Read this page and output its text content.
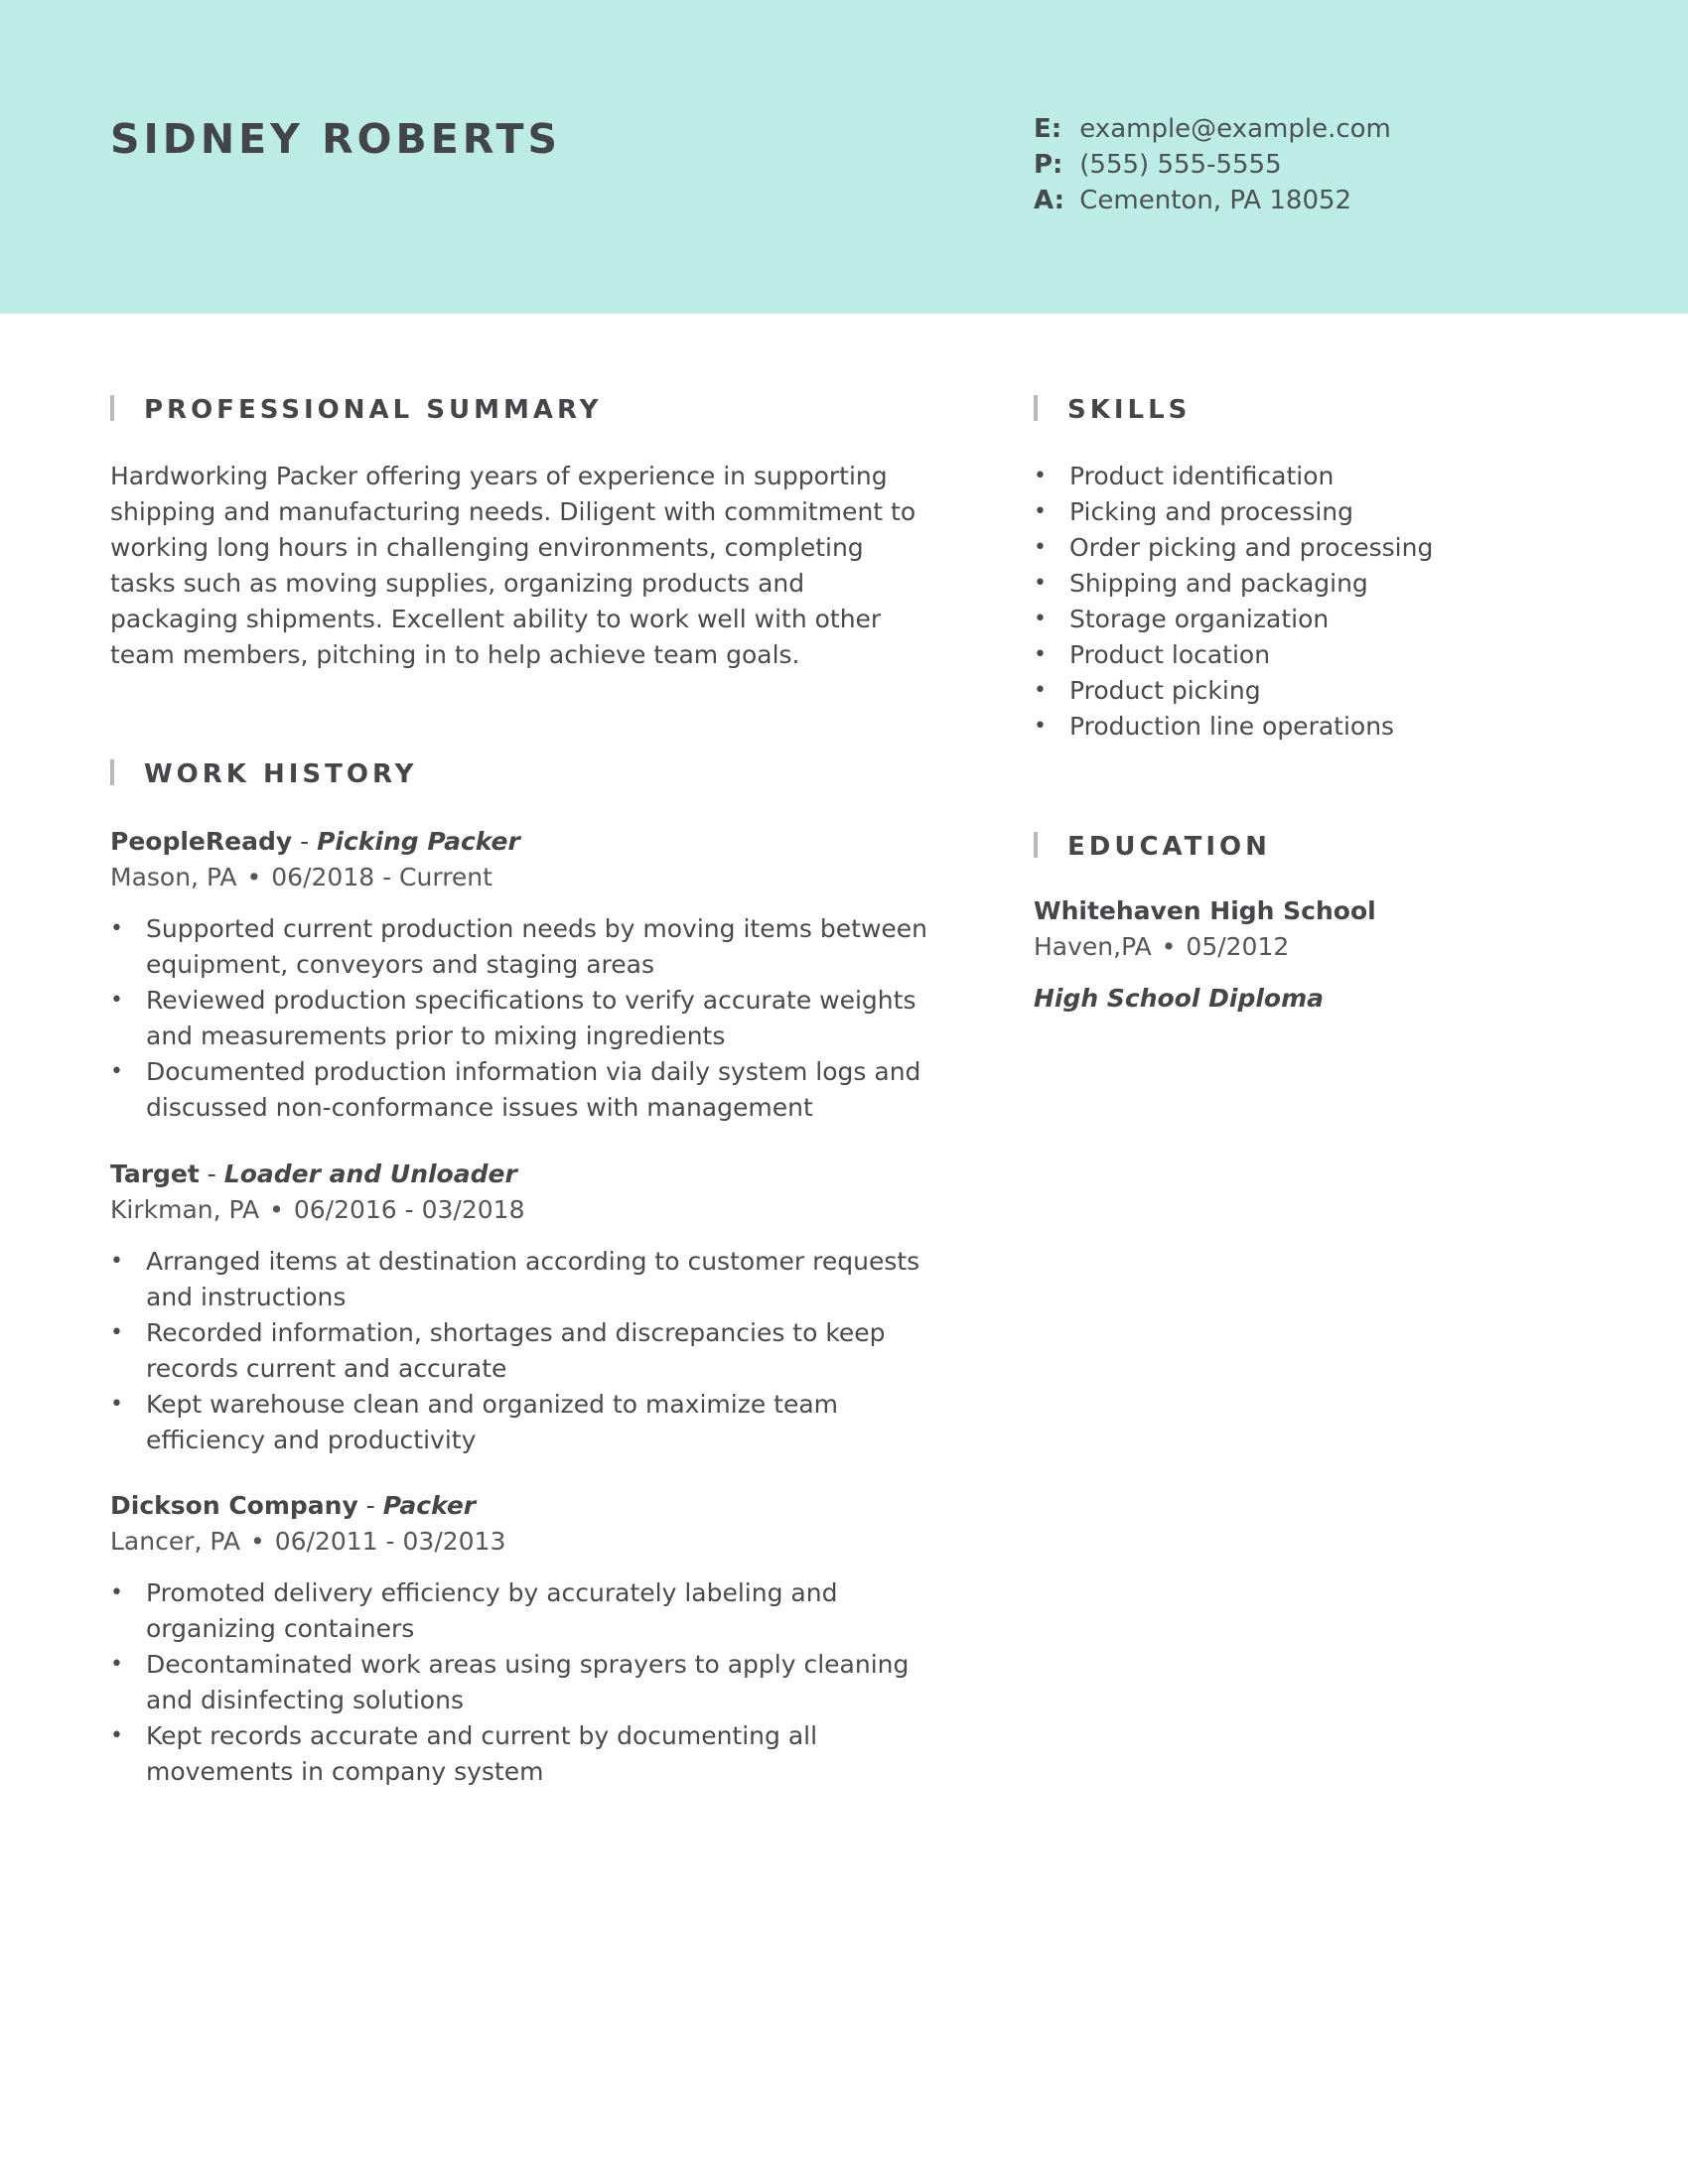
SIDNEY ROBERTS	E: example@example.com
P: (555) 555-5555
A: Cementon, PA 18052
PROFESSIONAL SUMMARY

Hardworking Packer offering years of experience in supporting shipping and manufacturing needs. Diligent with commitment to working long hours in challenging environments, completing tasks such as moving supplies, organizing products and packaging shipments. Excellent ability to work well with other team members, pitching in to help achieve team goals.

WORK HISTORY
PeopleReady - Picking Packer
Mason, PA • 06/2018 - Current
• Supported current production needs by moving items between equipment, conveyors and staging areas
• Reviewed production specifications to verify accurate weights and measurements prior to mixing ingredients
• Documented production information via daily system logs and discussed non-conformance issues with management
Target - Loader and Unloader
Kirkman, PA • 06/2016 - 03/2018
• Arranged items at destination according to customer requests and instructions
• Recorded information, shortages and discrepancies to keep records current and accurate
• Kept warehouse clean and organized to maximize team efficiency and productivity
Dickson Company - Packer
Lancer, PA • 06/2011 - 03/2013
• Promoted delivery efficiency by accurately labeling and organizing containers
• Decontaminated work areas using sprayers to apply cleaning and disinfecting solutions
• Kept records accurate and current by documenting all movements in company system
SKILLS
• Product identification
• Picking and processing
• Order picking and processing
• Shipping and packaging
• Storage organization
• Product location
• Product picking
• Production line operations
EDUCATION
Whitehaven High School
Haven,PA • 05/2012
High School Diploma
